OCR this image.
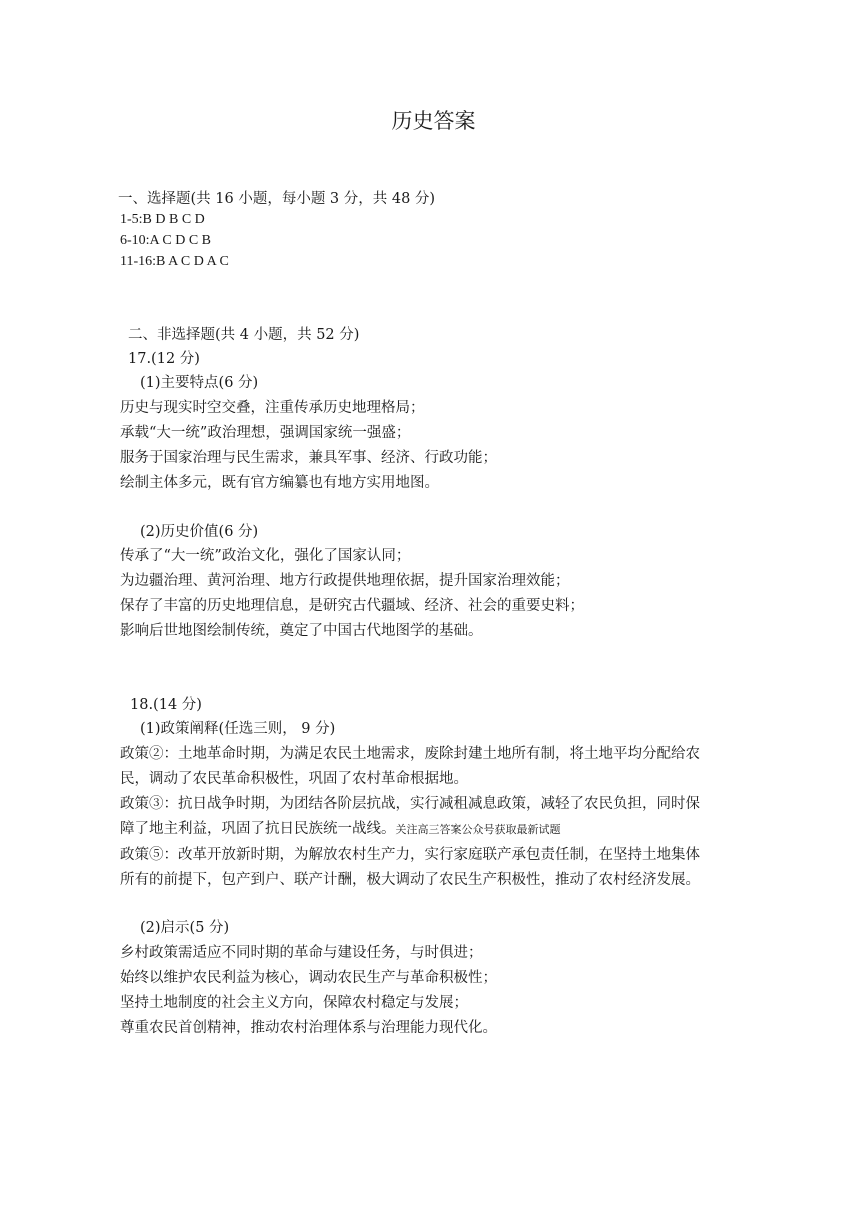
历史答案
一、选择题(共 16 小题，每小题 3 分，共 48 分)
1-5:B D B C D
6-10:A C D C B
11-16:B A C D A C
二、非选择题(共 4 小题，共 52 分)
17.(12 分)
(1)主要特点(6 分)
历史与现实时空交叠，注重传承历史地理格局；
承载“大一统”政治理想，强调国家统一强盛；
服务于国家治理与民生需求，兼具军事、经济、行政功能；
绘制主体多元，既有官方编纂也有地方实用地图。
(2)历史价值(6 分)
传承了“大一统”政治文化，强化了国家认同；
为边疆治理、黄河治理、地方行政提供地理依据，提升国家治理效能；
保存了丰富的历史地理信息，是研究古代疆域、经济、社会的重要史料；
影响后世地图绘制传统，奠定了中国古代地图学的基础。
18.(14 分)
(1)政策阐释(任选三则， 9 分)
政策②：土地革命时期，为满足农民土地需求，废除封建土地所有制，将土地平均分配给农
民，调动了农民革命积极性，巩固了农村革命根据地。
政策③：抗日战争时期，为团结各阶层抗战，实行减租减息政策，减轻了农民负担，同时保
障了地主利益，巩固了抗日民族统一战线。关注高三答案公众号获取最新试题
政策⑤：改革开放新时期，为解放农村生产力，实行家庭联产承包责任制，在坚持土地集体
所有的前提下，包产到户、联产计酬，极大调动了农民生产积极性，推动了农村经济发展。
(2)启示(5 分)
乡村政策需适应不同时期的革命与建设任务，与时俱进；
始终以维护农民利益为核心，调动农民生产与革命积极性；
坚持土地制度的社会主义方向，保障农村稳定与发展；
尊重农民首创精神，推动农村治理体系与治理能力现代化。
